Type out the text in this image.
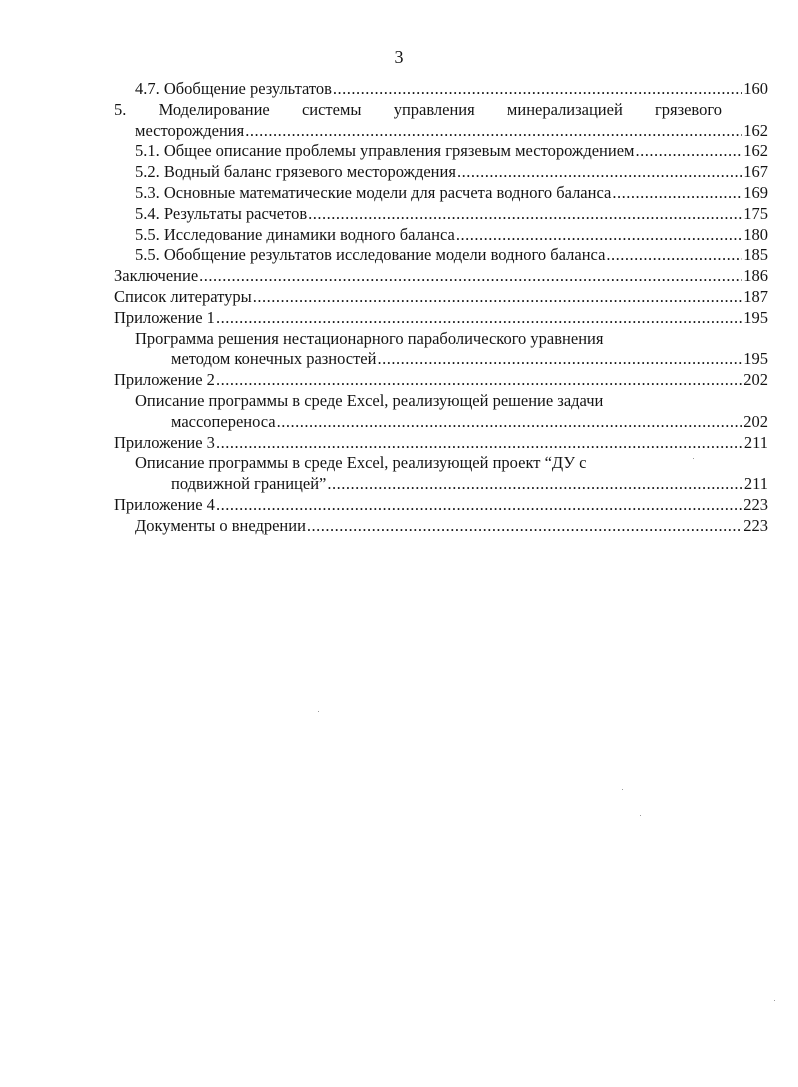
3
4.7. Обобщение результатов .....	160
5. Моделирование системы управления минерализацией грязевого
месторождения .....	162
5.1. Общее описание проблемы управления грязевым месторождением .....	162
5.2. Водный баланс грязевого месторождения .....	167
5.3. Основные математические модели для расчета водного баланса .....	169
5.4. Результаты расчетов .....	175
5.5. Исследование динамики водного баланса .....	180
5.5. Обобщение результатов исследование модели водного баланса .....	185
Заключение .....	186
Список литературы .....	187
Приложение 1 .....	195
Программа решения нестационарного параболического уравнения
методом конечных разностей .....	195
Приложение 2 .....	202
Описание программы в среде Excel, реализующей решение задачи
массопереноса .....	202
Приложение 3 .....	211
Описание программы в среде Excel, реализующей проект “ДУ с
подвижной границей” .....	211
Приложение 4 .....	223
Документы о внедрении .....	223
